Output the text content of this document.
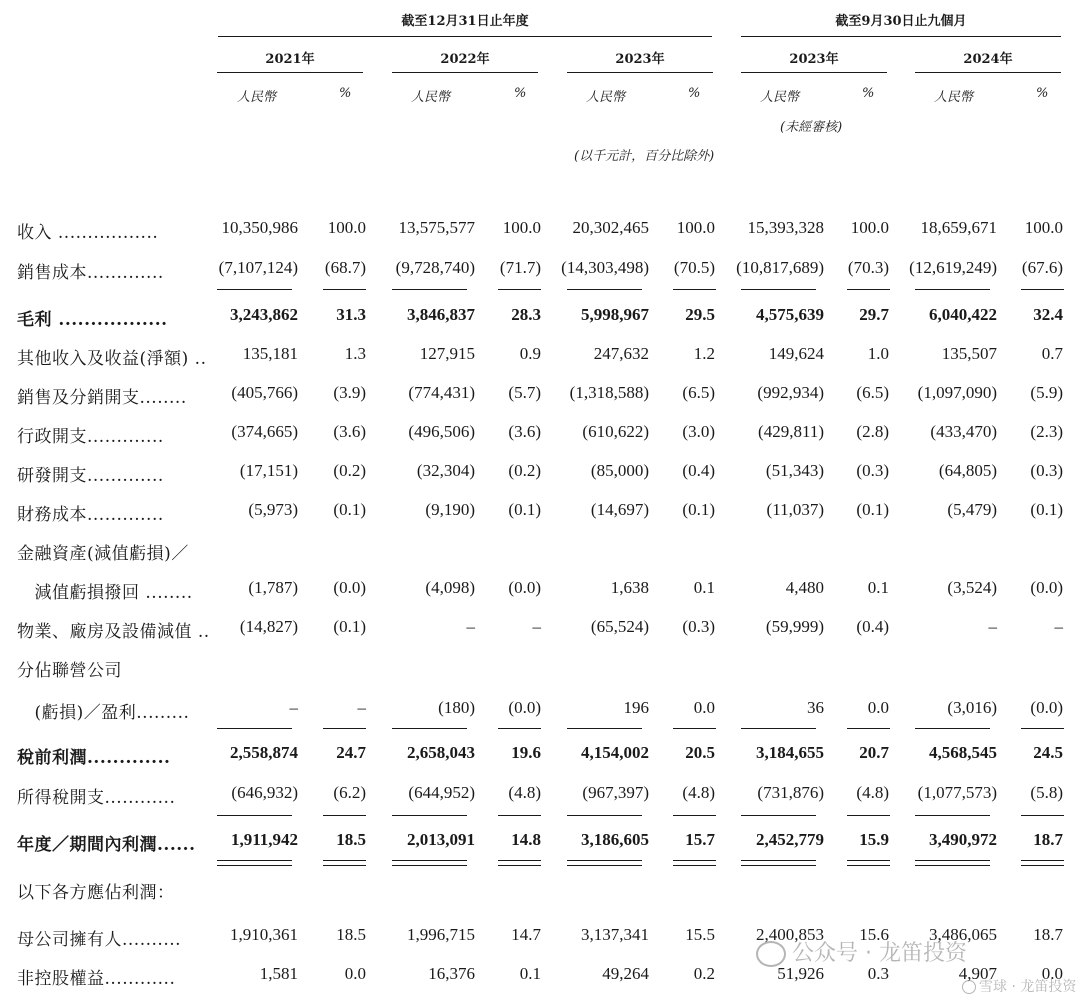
截至12月31日止年度	截至9月30日止九個月
2021年	2022年	2023年	2023年	2024年
人民幣	%	人民幣	%	人民幣	%	人民幣	%	人民幣	%
(未經審核)
(以千元計，百分比除外)
收入 .................	10,350,986 100.0 13,575,577 100.0 20,302,465 100.0 15,393,328 100.0 18,659,671 100.0
銷售成本.............	(7,107,124) (68.7) (9,728,740) (71.7) (14,303,498) (70.5) (10,817,689) (70.3) (12,619,249) (67.6)
毛利 .................	3,243,862 31.3 3,846,837 28.3 5,998,967 29.5 4,575,639 29.7 6,040,422 32.4
其他收入及收益(淨額) .. 135,181	1.3	127,915	0.9	247,632	1.2	149,624	1.0	135,507	0.7
銷售及分銷開支........	(405,766) (3.9) (774,431) (5.7) (1,318,588) (6.5) (992,934) (6.5) (1,097,090) (5.9)
行政開支.............	(374,665) (3.6) (496,506) (3.6) (610,622) (3.0)	(429,811) (2.8) (433,470) (2.3)
研發開支.............	(17,151) (0.2)	(32,304) (0.2)	(85,000) (0.4)	(51,343) (0.3)	(64,805) (0.3)
財務成本.............	(5,973) (0.1)	(9,190) (0.1)	(14,697) (0.1)	(11,037) (0.1)	(5,479) (0.1)
金融資產(減值虧損)／
　減值虧損撥回 ........	(1,787) (0.0)	(4,098) (0.0)	1,638	0.1	4,480	0.1	(3,524) (0.0)
物業、廠房及設備減值 .. (14,827) (0.1)	–	–	(65,524) (0.3)	(59,999) (0.4)	–	–
分佔聯營公司
　(虧損)／盈利.........	–	–	(180) (0.0)	196	0.0	36	0.0	(3,016) (0.0)
稅前利潤.............	2,558,874 24.7 2,658,043 19.6 4,154,002 20.5 3,184,655 20.7 4,568,545 24.5
所得稅開支............	(646,932) (6.2) (644,952) (4.8) (967,397) (4.8) (731,876) (4.8) (1,077,573) (5.8)
年度／期間內利潤...... 1,911,942 18.5 2,013,091 14.8 3,186,605 15.7 2,452,779 15.9 3,490,972 18.7
以下各方應佔利潤：
母公司擁有人..........	1,910,361 18.5 1,996,715 14.7 3,137,341 15.5 2,400,853 15.6 3,486,065 18.7
非控股權益............	1,581	0.0	16,376	0.1	49,264	0.2	51,926	0.3	4,907	0.0
公众号 · 龙笛投资
雪球 · 龙笛投资
